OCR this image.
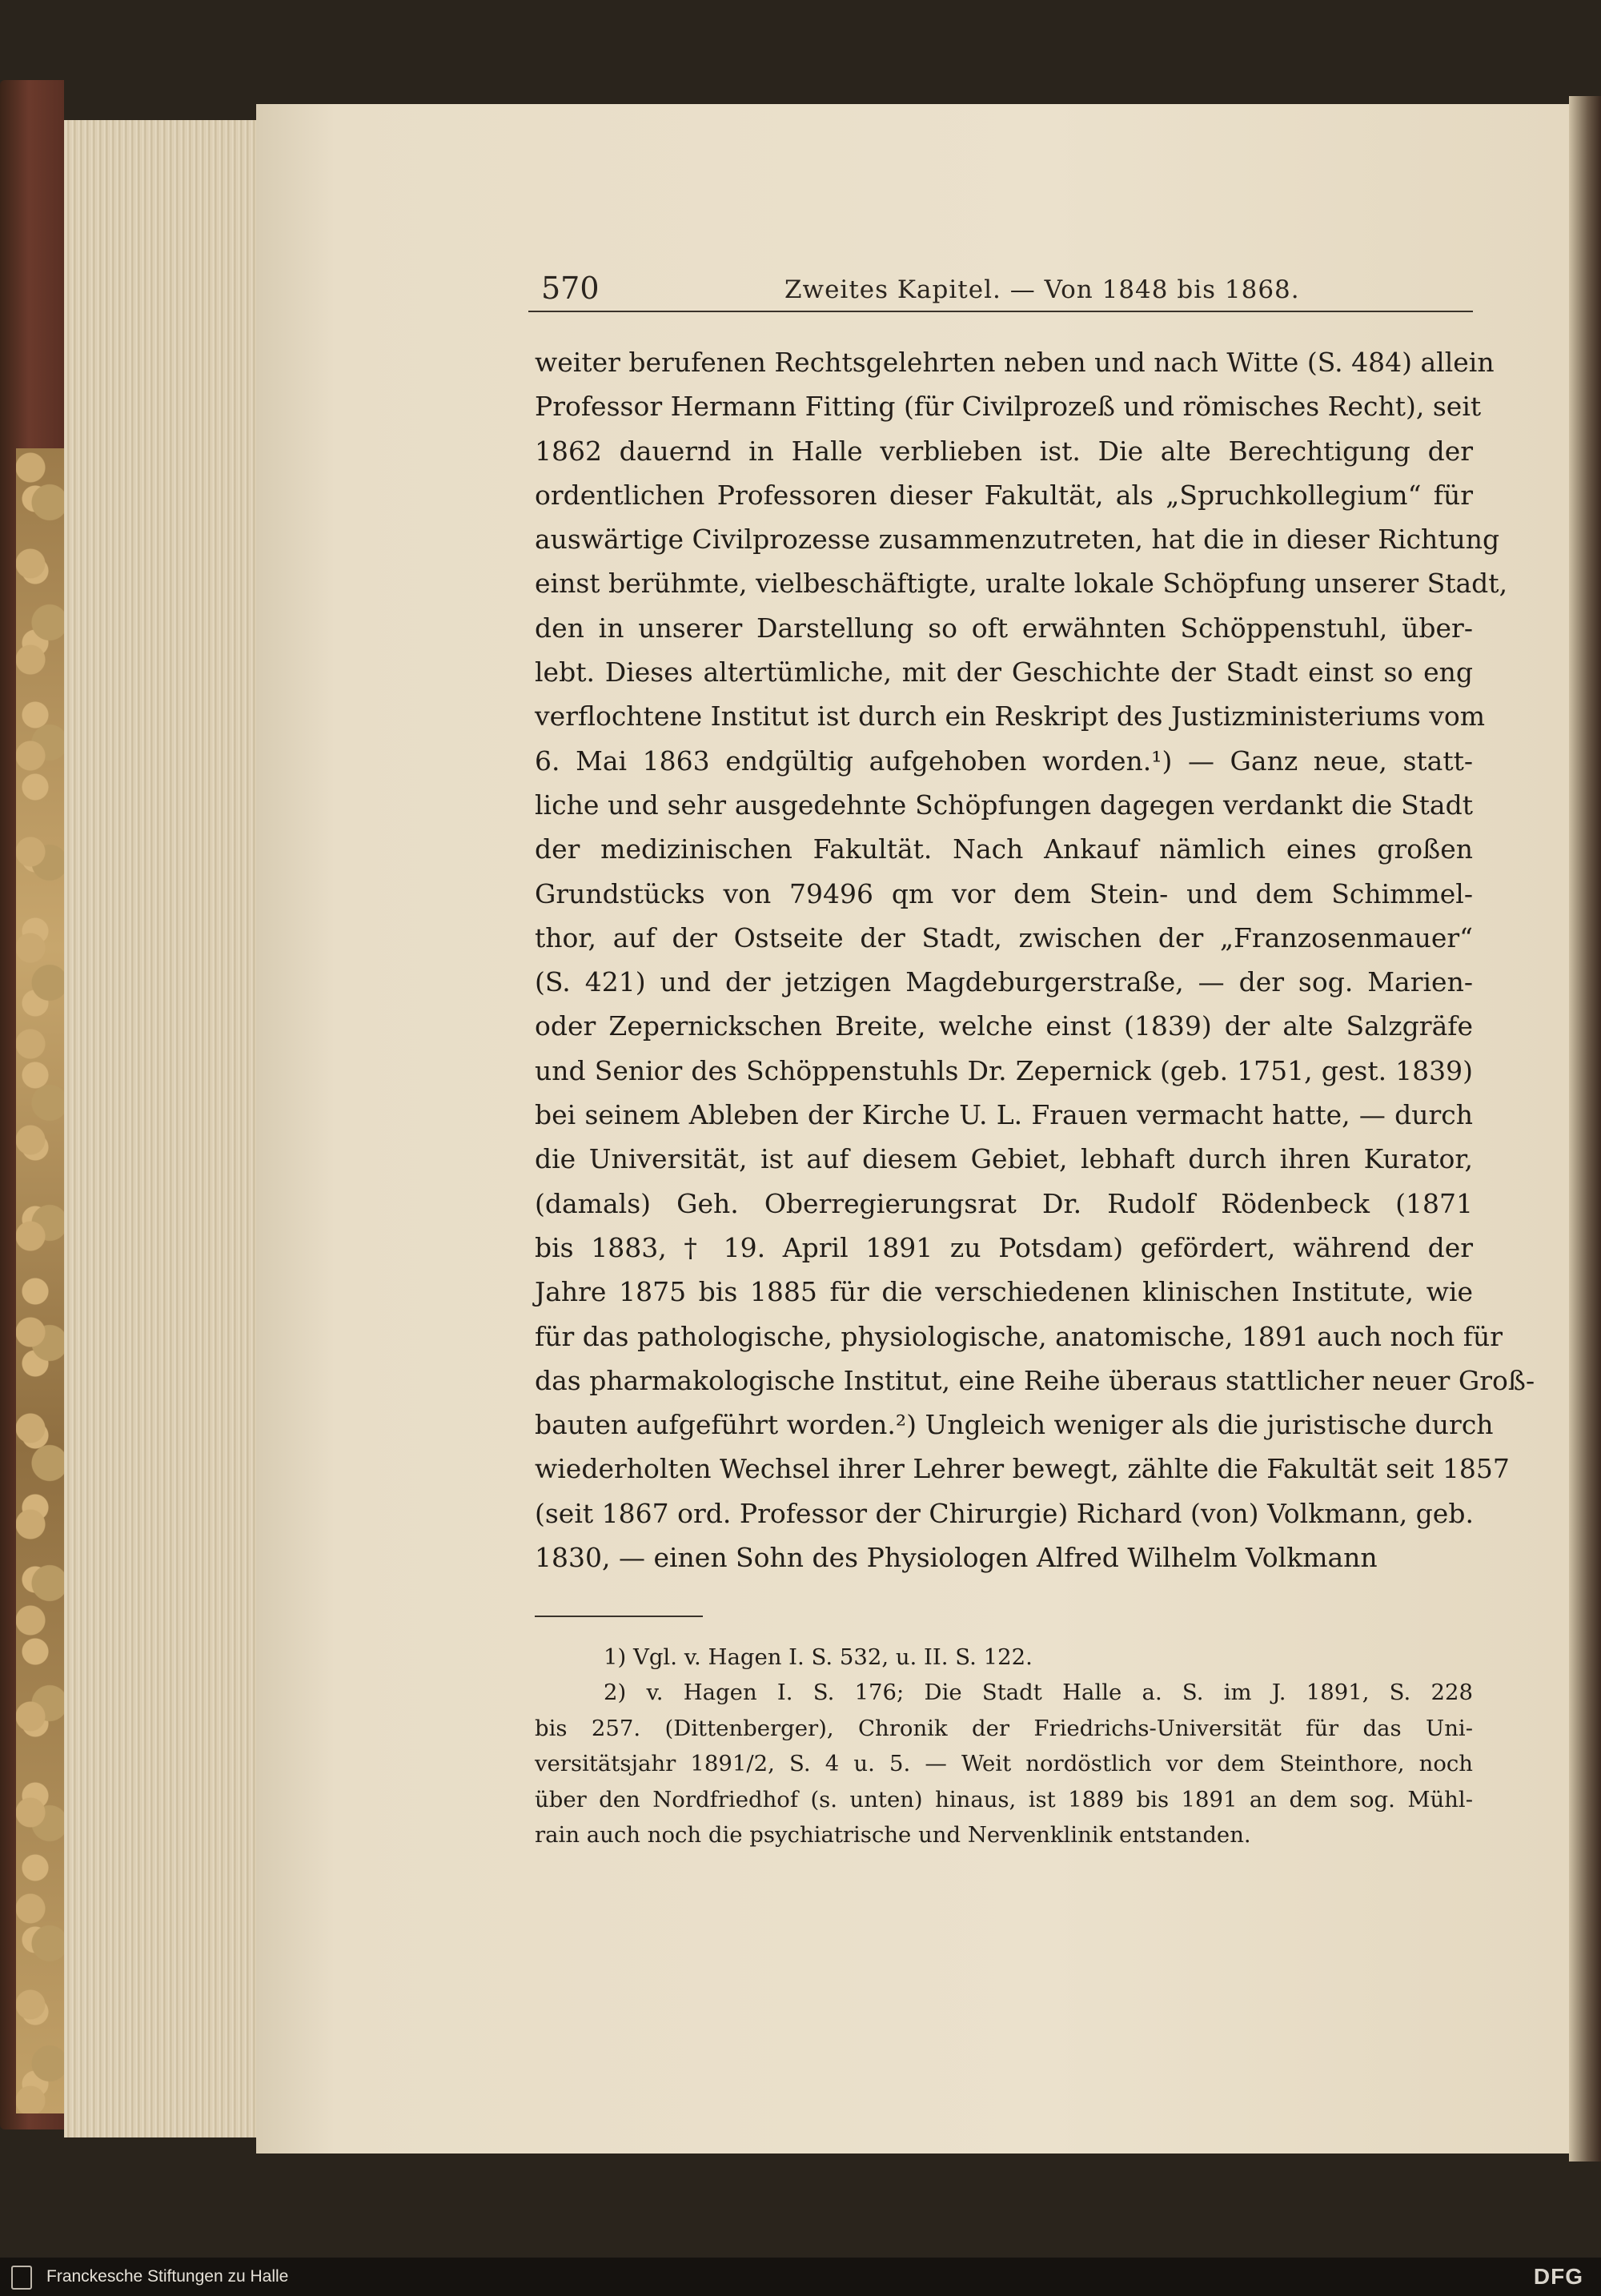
570	Zweites Kapitel. — Von 1848 bis 1868.
weiter berufenen Rechtsgelehrten neben und nach Witte (S. 484) allein
Professor Hermann Fitting (für Civilprozeß und römisches Recht), seit
1862 dauernd in Halle verblieben ist. Die alte Berechtigung der
ordentlichen Professoren dieser Fakultät, als „Spruchkollegium“ für
auswärtige Civilprozesse zusammenzutreten, hat die in dieser Richtung
einst berühmte, vielbeschäftigte, uralte lokale Schöpfung unserer Stadt,
den in unserer Darstellung so oft erwähnten Schöppenstuhl, über-
lebt. Dieses altertümliche, mit der Geschichte der Stadt einst so eng
verflochtene Institut ist durch ein Reskript des Justizministeriums vom
6. Mai 1863 endgültig aufgehoben worden.¹) — Ganz neue, statt-
liche und sehr ausgedehnte Schöpfungen dagegen verdankt die Stadt
der medizinischen Fakultät. Nach Ankauf nämlich eines großen
Grundstücks von 79496 qm vor dem Stein- und dem Schimmel-
thor, auf der Ostseite der Stadt, zwischen der „Franzosenmauer“
(S. 421) und der jetzigen Magdeburgerstraße, — der sog. Marien-
oder Zepernickschen Breite, welche einst (1839) der alte Salzgräfe
und Senior des Schöppenstuhls Dr. Zepernick (geb. 1751, gest. 1839)
bei seinem Ableben der Kirche U. L. Frauen vermacht hatte, — durch
die Universität, ist auf diesem Gebiet, lebhaft durch ihren Kurator,
(damals) Geh. Oberregierungsrat Dr. Rudolf Rödenbeck (1871
bis 1883, † 19. April 1891 zu Potsdam) gefördert, während der
Jahre 1875 bis 1885 für die verschiedenen klinischen Institute, wie
für das pathologische, physiologische, anatomische, 1891 auch noch für
das pharmakologische Institut, eine Reihe überaus stattlicher neuer Groß-
bauten aufgeführt worden.²) Ungleich weniger als die juristische durch
wiederholten Wechsel ihrer Lehrer bewegt, zählte die Fakultät seit 1857
(seit 1867 ord. Professor der Chirurgie) Richard (von) Volkmann, geb.
1830, — einen Sohn des Physiologen Alfred Wilhelm Volkmann
1) Vgl. v. Hagen I. S. 532, u. II. S. 122.
2) v. Hagen I. S. 176; Die Stadt Halle a. S. im J. 1891, S. 228
bis 257. (Dittenberger), Chronik der Friedrichs-Universität für das Uni-
versitätsjahr 1891/2, S. 4 u. 5. — Weit nordöstlich vor dem Steinthore, noch
über den Nordfriedhof (s. unten) hinaus, ist 1889 bis 1891 an dem sog. Mühl-
rain auch noch die psychiatrische und Nervenklinik entstanden.
Franckesche Stiftungen zu Halle	DFG
